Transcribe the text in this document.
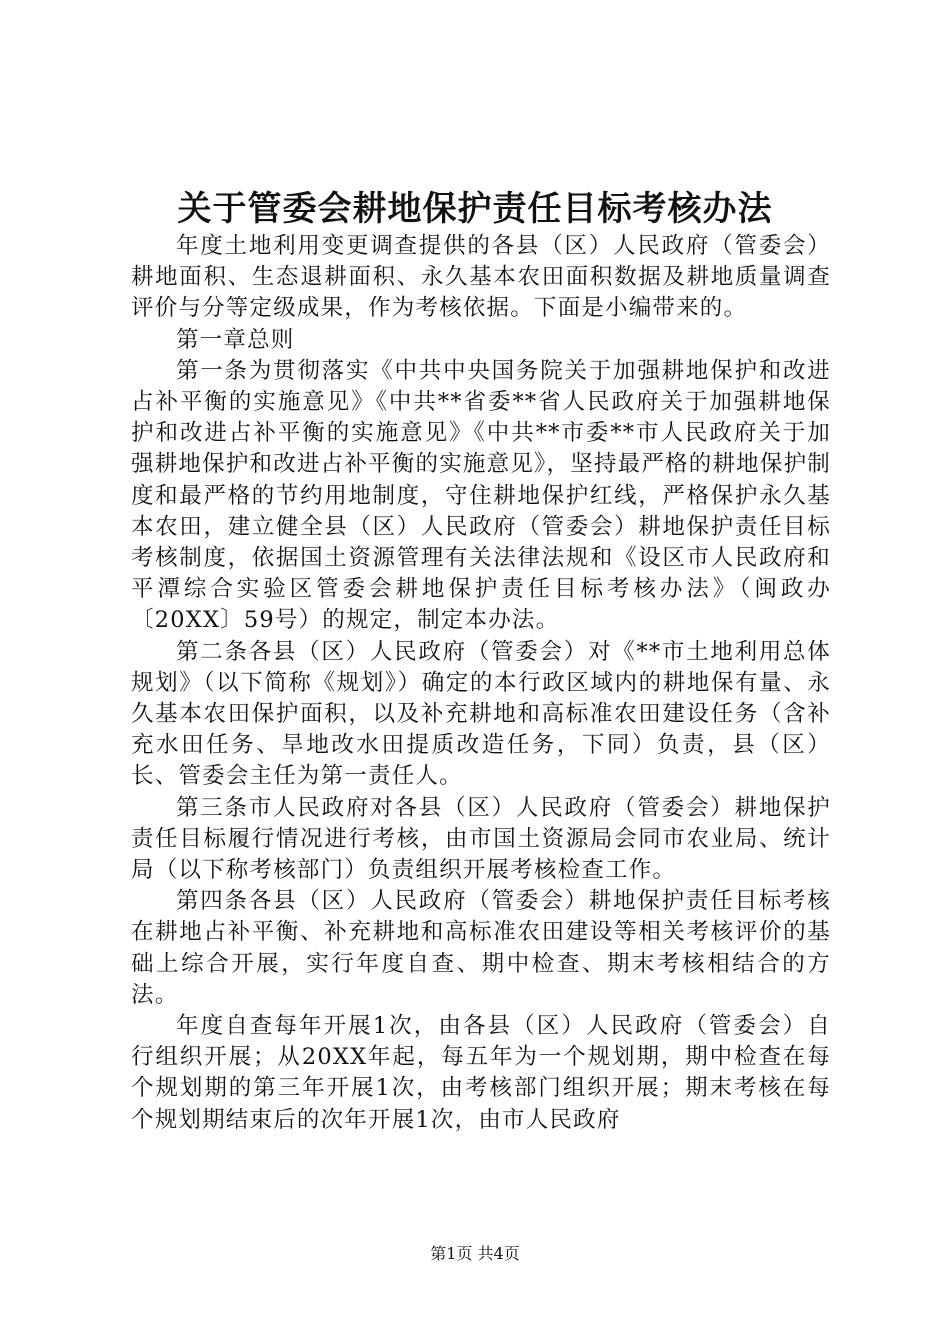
关于管委会耕地保护责任目标考核办法

年度土地利用变更调查提供的各县（区）人民政府（管委会）耕地面积、生态退耕面积、永久基本农田面积数据及耕地质量调查评价与分等定级成果，作为考核依据。下面是小编带来的。

第一章总则

第一条为贯彻落实《中共中央国务院关于加强耕地保护和改进占补平衡的实施意见》《中共**省委**省人民政府关于加强耕地保护和改进占补平衡的实施意见》《中共**市委**市人民政府关于加强耕地保护和改进占补平衡的实施意见》，坚持最严格的耕地保护制度和最严格的节约用地制度，守住耕地保护红线，严格保护永久基本农田，建立健全县（区）人民政府（管委会）耕地保护责任目标考核制度，依据国土资源管理有关法律法规和《设区市人民政府和平潭综合实验区管委会耕地保护责任目标考核办法》（闽政办〔20XX〕59号）的规定，制定本办法。

第二条各县（区）人民政府（管委会）对《**市土地利用总体规划》（以下简称《规划》）确定的本行政区域内的耕地保有量、永久基本农田保护面积，以及补充耕地和高标准农田建设任务（含补充水田任务、旱地改水田提质改造任务，下同）负责，县（区）长、管委会主任为第一责任人。

第三条市人民政府对各县（区）人民政府（管委会）耕地保护责任目标履行情况进行考核，由市国土资源局会同市农业局、统计局（以下称考核部门）负责组织开展考核检查工作。

第四条各县（区）人民政府（管委会）耕地保护责任目标考核在耕地占补平衡、补充耕地和高标准农田建设等相关考核评价的基础上综合开展，实行年度自查、期中检查、期末考核相结合的方法。

年度自查每年开展1次，由各县（区）人民政府（管委会）自行组织开展；从20XX年起，每五年为一个规划期，期中检查在每个规划期的第三年开展1次，由考核部门组织开展；期末考核在每个规划期结束后的次年开展1次，由市人民政府

第1页 共4页
